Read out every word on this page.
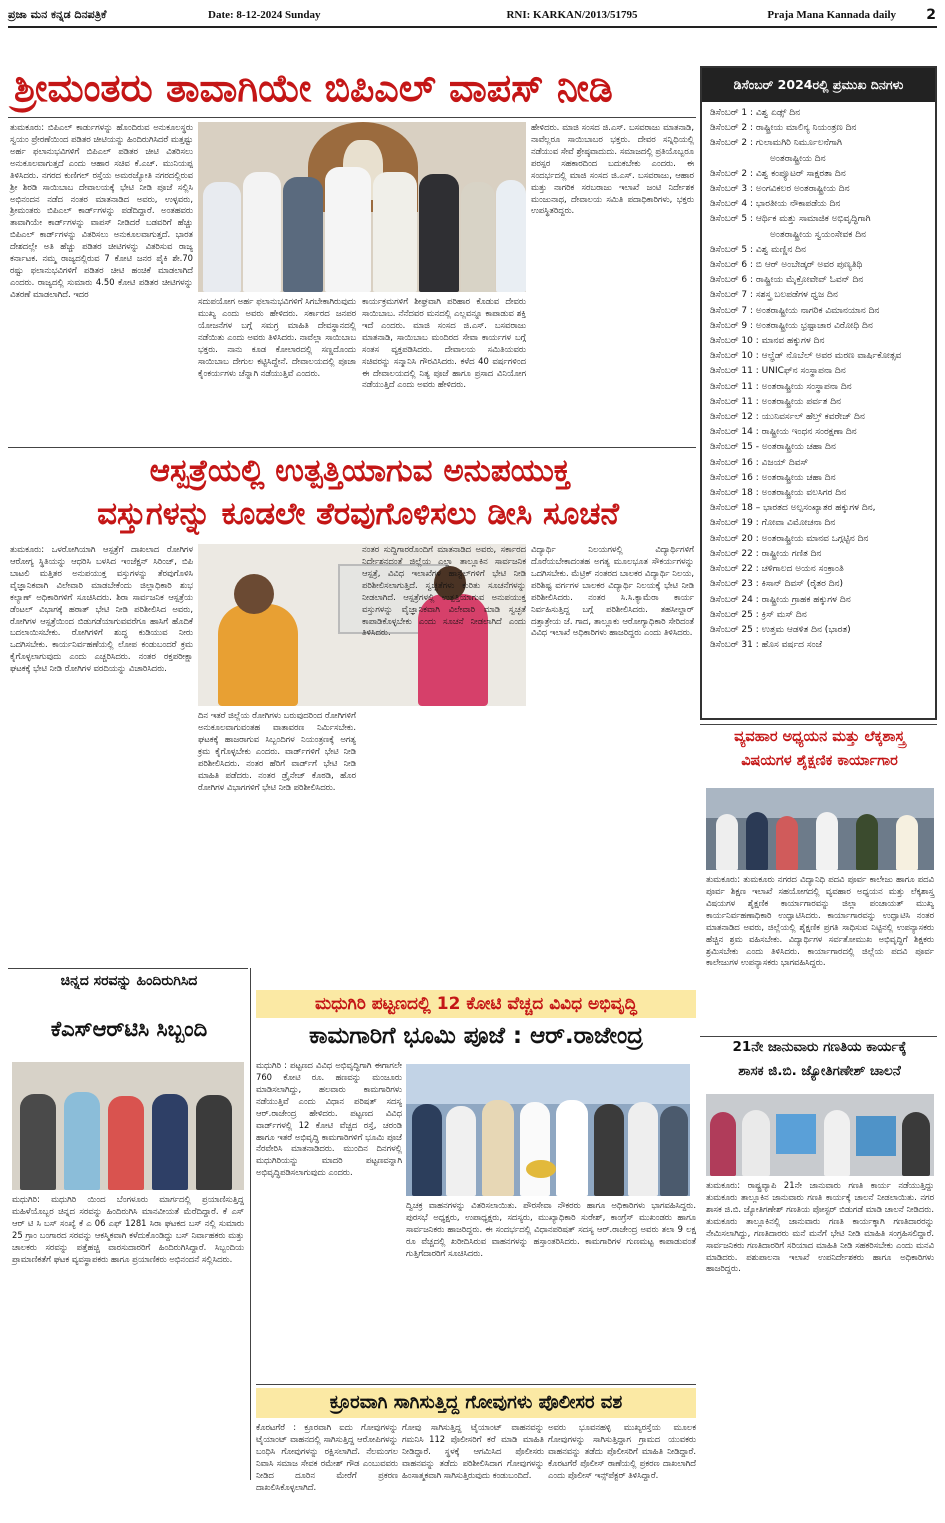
ಪ್ರಜಾ ಮನ ಕನ್ನಡ ದಿನಪತ್ರಿಕೆ	Date: 8-12-2024 Sunday	RNI: KARKAN/2013/51795	Praja Mana Kannada daily	2
ಶ್ರೀಮಂತರು ತಾವಾಗಿಯೇ ಬಿಪಿಎಲ್ ವಾಪಸ್ ನೀಡಿ
ತುಮಕೂರು: ಬಿಪಿಎಲ್ ಕಾರ್ಡುಗಳನ್ನು ಹೊಂದಿರುವ ಅನುಕೂಲಸ್ಥರು ಸ್ವಯಂ ಪ್ರೇರಣೆಯಿಂದ ಪಡಿತರ ಚೀಟಿಯನ್ನು ಹಿಂದಿರುಗಿಸಿದರೆ ಮತ್ತಷ್ಟು ಅರ್ಹ ಫಲಾನುಭವಿಗಳಿಗೆ ಬಿಪಿಎಲ್ ಪಡಿತರ ಚೀಟಿ ವಿತರಿಸಲು ಅನುಕೂಲವಾಗುತ್ತದೆ ಎಂದು ಆಹಾರ ಸಚಿವ ಕೆ.ಎಚ್. ಮುನಿಯಪ್ಪ ತಿಳಿಸಿದರು. ನಗರದ ಕುಣಿಗಲ್ ರಸ್ತೆಯ ಅಮರಜ್ಯೋತಿ ನಗರದಲ್ಲಿರುವ ಶ್ರೀ ಶಿರಡಿ ಸಾಯಿಬಾಬ ದೇವಾಲಯಕ್ಕೆ ಭೇಟಿ ನೀಡಿ ಪೂಜೆ ಸಲ್ಲಿಸಿ ಅಭಿನಂದನ ನಡೆದ ನಂತರ ಮಾತನಾಡಿದ ಅವರು, ಉಳ್ಳವರು, ಶ್ರೀಮಂತರು ಬಿಪಿಎಲ್ ಕಾರ್ಡ್‌ಗಳನ್ನು ಪಡೆದಿದ್ದಾರೆ. ಅಂತಹವರು ತಾವಾಗಿಯೇ ಕಾರ್ಡ್‌ಗಳನ್ನು ವಾಪಸ್ ನೀಡಿದರೆ ಬಡವರಿಗೆ ಹೆಚ್ಚು ಬಿಪಿಎಲ್ ಕಾರ್ಡ್‌ಗಳನ್ನು ವಿತರಿಸಲು ಅನುಕೂಲವಾಗುತ್ತದೆ. ಭಾರತ ದೇಶದಲ್ಲೇ ಅತಿ ಹೆಚ್ಚು ಪಡಿತರ ಚೀಟಿಗಳನ್ನು ವಿತರಿಸುವ ರಾಜ್ಯ ಕರ್ನಾಟಕ. ನಮ್ಮ ರಾಜ್ಯದಲ್ಲಿರುವ 7 ಕೋಟಿ ಜನರ ಪೈಕಿ ಶೇ.70 ರಷ್ಟು ಫಲಾನುಭವಿಗಳಿಗೆ ಪಡಿತರ ಚೀಟಿ ಹಂಚಿಕೆ ಮಾಡಲಾಗಿದೆ ಎಂದರು. ರಾಜ್ಯದಲ್ಲಿ ಸುಮಾರು 4.50 ಕೋಟಿ ಪಡಿತರ ಚೀಟಿಗಳನ್ನು ವಿತರಣೆ ಮಾಡಲಾಗಿದೆ. ಇದರ
ಸದುಪಯೋಗ ಅರ್ಹ ಫಲಾನುಭವಿಗಳಿಗೆ ಸಿಗಬೇಕಾಗಿರುವುದು ಮುಖ್ಯ ಎಂದು ಅವರು ಹೇಳಿದರು. ಸರ್ಕಾರದ ಜನಪರ ಯೋಜನೆಗಳ ಬಗ್ಗೆ ಸಮಗ್ರ ಮಾಹಿತಿ ದೇವಸ್ಥಾನದಲ್ಲಿ ನಡೆಯಿತು ಎಂದು ಅವರು ತಿಳಿಸಿದರು. ನಾವೆಲ್ಲಾ ಸಾಯಿಬಾಬ ಭಕ್ತರು. ನಾನು ಕೂಡ ಕೋಲಾರದಲ್ಲಿ ಸಣ್ಣದೊಂದು ಸಾಯಿಬಾಬ ದೇಗುಲ ಕಟ್ಟಿಸಿದ್ದೇನೆ. ದೇವಾಲಯದಲ್ಲಿ ಪೂಜಾ ಕೈಂಕರ್ಯಗಳು ಚೆನ್ನಾಗಿ ನಡೆಯುತ್ತಿವೆ ಎಂದರು.
ಕಾರ್ಯಕ್ರಮಗಳಿಗೆ ಶೀಘ್ರವಾಗಿ ಪರಿಹಾರ ಕೊಡುವ ದೇವರು ಸಾಯಿಬಾಬ. ನೆನೆದವರ ಮನದಲ್ಲಿ ಎಲ್ಲವನ್ನೂ ಕಾಪಾಡುವ ಶಕ್ತಿ ಇದೆ ಎಂದರು. ಮಾಜಿ ಸಂಸದ ಜಿ.ಎಸ್. ಬಸವರಾಜು ಮಾತನಾಡಿ, ಸಾಯಿಬಾಬ ಮಂದಿರದ ಸೇವಾ ಕಾರ್ಯಗಳ ಬಗ್ಗೆ ಸಂತಸ ವ್ಯಕ್ತಪಡಿಸಿದರು. ದೇವಾಲಯ ಸಮಿತಿಯವರು ಸಚಿವರನ್ನು ಸನ್ಮಾನಿಸಿ ಗೌರವಿಸಿದರು. ಕಳೆದ 40 ವರ್ಷಗಳಿಂದ ಈ ದೇವಾಲಯದಲ್ಲಿ ನಿತ್ಯ ಪೂಜೆ ಹಾಗೂ ಪ್ರಸಾದ ವಿನಿಯೋಗ ನಡೆಯುತ್ತಿದೆ ಎಂದು ಅವರು ಹೇಳಿದರು.
ಹೇಳಿದರು. ಮಾಜಿ ಸಂಸದ ಜಿ.ಎಸ್. ಬಸವರಾಜು ಮಾತನಾಡಿ, ನಾವೆಲ್ಲರೂ ಸಾಯಿಬಾಬರ ಭಕ್ತರು. ದೇವರ ಸನ್ನಿಧಿಯಲ್ಲಿ ನಡೆಯುವ ಸೇವೆ ಶ್ರೇಷ್ಠವಾದುದು. ಸಮಾಜದಲ್ಲಿ ಪ್ರತಿಯೊಬ್ಬರೂ ಪರಸ್ಪರ ಸಹಕಾರದಿಂದ ಬದುಕಬೇಕು ಎಂದರು. ಈ ಸಂದರ್ಭದಲ್ಲಿ ಮಾಜಿ ಸಂಸದ ಜಿ.ಎಸ್. ಬಸವರಾಜು, ಆಹಾರ ಮತ್ತು ನಾಗರಿಕ ಸರಬರಾಜು ಇಲಾಖೆ ಜಂಟಿ ನಿರ್ದೇಶಕ ಮಂಜುನಾಥ, ದೇವಾಲಯ ಸಮಿತಿ ಪದಾಧಿಕಾರಿಗಳು, ಭಕ್ತರು ಉಪಸ್ಥಿತರಿದ್ದರು.
ಡಿಸೆಂಬರ್ 2024ರಲ್ಲಿ ಪ್ರಮುಖ ದಿನಗಳು
ಡಿಸೆಂಬರ್ 1 : ವಿಶ್ವ ಏಡ್ಸ್ ದಿನ
ಡಿಸೆಂಬರ್ 2 : ರಾಷ್ಟ್ರೀಯ ಮಾಲಿನ್ಯ ನಿಯಂತ್ರಣ ದಿನ
ಡಿಸೆಂಬರ್ 2 : ಗುಲಾಮಗಿರಿ ನಿರ್ಮೂಲನೆಗಾಗಿ
ಅಂತರಾಷ್ಟ್ರೀಯ ದಿನ
ಡಿಸೆಂಬರ್ 2 : ವಿಶ್ವ ಕಂಪ್ಯೂಟರ್ ಸಾಕ್ಷರತಾ ದಿನ
ಡಿಸೆಂಬರ್ 3 : ಅಂಗವಿಕಲರ ಅಂತರಾಷ್ಟ್ರೀಯ ದಿನ
ಡಿಸೆಂಬರ್ 4 : ಭಾರತೀಯ ನೌಕಾಪಡೆಯ ದಿನ
ಡಿಸೆಂಬರ್ 5 : ಆರ್ಥಿಕ ಮತ್ತು ಸಾಮಾಜಿಕ ಅಭಿವೃದ್ಧಿಗಾಗಿ
ಅಂತರಾಷ್ಟ್ರೀಯ ಸ್ವಯಂಸೇವಕ ದಿನ
ಡಿಸೆಂಬರ್ 5 : ವಿಶ್ವ ಮಣ್ಣಿನ ದಿನ
ಡಿಸೆಂಬರ್ 6 : ಬಿ ಆರ್ ಅಂಬೇಡ್ಕರ್ ಅವರ ಪುಣ್ಯತಿಥಿ
ಡಿಸೆಂಬರ್ 6 : ರಾಷ್ಟ್ರೀಯ ಮೈಕ್ರೋವೇವ್ ಓವನ್ ದಿನ
ಡಿಸೆಂಬರ್ 7 : ಸಶಸ್ತ್ರ ಬಲಪಡೆಗಳ ಧ್ವಜ ದಿನ
ಡಿಸೆಂಬರ್ 7 : ಅಂತರಾಷ್ಟ್ರೀಯ ನಾಗರಿಕ ವಿಮಾನಯಾನ ದಿನ
ಡಿಸೆಂಬರ್ 9 : ಅಂತರಾಷ್ಟ್ರೀಯ ಭ್ರಷ್ಟಾಚಾರ ವಿರೋಧಿ ದಿನ
ಡಿಸೆಂಬರ್ 10 : ಮಾನವ ಹಕ್ಕುಗಳ ದಿನ
ಡಿಸೆಂಬರ್ 10 : ಆಲ್ಫ್ರೆಡ್ ನೊಬೆಲ್ ಅವರ ಮರಣ ವಾರ್ಷಿಕೋತ್ಸವ
ಡಿಸೆಂಬರ್ 11 : UNICಫ್‌ನ ಸಂಸ್ಥಾಪನಾ ದಿನ
ಡಿಸೆಂಬರ್ 11 : ಅಂತರಾಷ್ಟ್ರೀಯ ಸಂಸ್ಥಾಪನಾ ದಿನ
ಡಿಸೆಂಬರ್ 11 : ಅಂತರಾಷ್ಟ್ರೀಯ ಪರ್ವತ ದಿನ
ಡಿಸೆಂಬರ್ 12 : ಯುನಿವರ್ಸಲ್ ಹೆಲ್ತ್ ಕವರೇಜ್ ದಿನ
ಡಿಸೆಂಬರ್ 14 : ರಾಷ್ಟ್ರೀಯ ಇಂಧನ ಸಂರಕ್ಷಣಾ ದಿನ
ಡಿಸೆಂಬರ್ 15 - ಅಂತರಾಷ್ಟ್ರೀಯ ಚಹಾ ದಿನ
ಡಿಸೆಂಬರ್ 16 : ವಿಜಯ್ ದಿವಸ್
ಡಿಸೆಂಬರ್ 16 : ಅಂತರಾಷ್ಟ್ರೀಯ ಚಹಾ ದಿನ
ಡಿಸೆಂಬರ್ 18 : ಅಂತರಾಷ್ಟ್ರೀಯ ವಲಸಿಗರ ದಿನ
ಡಿಸೆಂಬರ್ 18 – ಭಾರತದ ಅಲ್ಪಸಂಖ್ಯಾತರ ಹಕ್ಕುಗಳ ದಿನ,
ಡಿಸೆಂಬರ್ 19 : ಗೋವಾ ವಿಮೋಚನಾ ದಿನ
ಡಿಸೆಂಬರ್ 20 : ಅಂತರಾಷ್ಟ್ರೀಯ ಮಾನವ ಒಗ್ಗಟ್ಟಿನ ದಿನ
ಡಿಸೆಂಬರ್ 22 : ರಾಷ್ಟ್ರೀಯ ಗಣಿತ ದಿನ
ಡಿಸೆಂಬರ್ 22 : ಚಳಿಗಾಲದ ಅಯನ ಸಂಕ್ರಾಂತಿ
ಡಿಸೆಂಬರ್ 23 : ಕಿಸಾನ್ ದಿವಸ್ (ರೈತರ ದಿನ)
ಡಿಸೆಂಬರ್ 24 : ರಾಷ್ಟ್ರೀಯ ಗ್ರಾಹಕ ಹಕ್ಕುಗಳ ದಿನ
ಡಿಸೆಂಬರ್ 25 : ಕ್ರಿಸ್ ಮಸ್ ದಿನ
ಡಿಸೆಂಬರ್ 25 : ಉತ್ತಮ ಆಡಳಿತ ದಿನ (ಭಾರತ)
ಡಿಸೆಂಬರ್ 31 : ಹೊಸ ವರ್ಷದ ಸಂಜೆ
ಆಸ್ಪತ್ರೆಯಲ್ಲಿ ಉತ್ಪತ್ತಿಯಾಗುವ ಅನುಪಯುಕ್ತ
ವಸ್ತುಗಳನ್ನು ಕೂಡಲೇ ತೆರವುಗೊಳಿಸಲು ಡೀಸಿ ಸೂಚನೆ
ತುಮಕೂರು: ಒಳರೋಗಿಯಾಗಿ ಆಸ್ಪತ್ರೆಗೆ ದಾಖಲಾದ ರೋಗಿಗಳ ಆರೋಗ್ಯ ಸ್ಥಿತಿಯನ್ನು ಆಧರಿಸಿ ಬಳಸಿದ ಇಂಜೆಕ್ಷನ್ ಸಿರಿಂಜ್, ಬಿಪಿ ಬಾಟಲಿ ಮತ್ತಿತರ ಅನುಪಯುಕ್ತ ವಸ್ತುಗಳನ್ನು ತೆರವುಗೊಳಿಸಿ ವೈಜ್ಞಾನಿಕವಾಗಿ ವಿಲೇವಾರಿ ಮಾಡಬೇಕೆಂದು ಜಿಲ್ಲಾಧಿಕಾರಿ ಶುಭ ಕಲ್ಯಾಣ್ ಅಧಿಕಾರಿಗಳಿಗೆ ಸೂಚಿಸಿದರು. ಶಿರಾ ಸಾರ್ವಜನಿಕ ಆಸ್ಪತ್ರೆಯ ಡೆಂಟಲ್ ವಿಭಾಗಕ್ಕೆ ಹಠಾತ್ ಭೇಟಿ ನೀಡಿ ಪರಿಶೀಲಿಸಿದ ಅವರು, ರೋಗಿಗಳ ಆಸ್ಪತ್ರೆಯಿಂದ ಬಿಡುಗಡೆಯಾಗುವವರೆಗೂ ಹಾಸಿಗೆ ಹೊದಿಕೆ ಬದಲಾಯಿಸಬೇಕು. ರೋಗಿಗಳಿಗೆ ಶುದ್ಧ ಕುಡಿಯುವ ನೀರು ಒದಗಿಸಬೇಕು. ಕಾರ್ಯನಿರ್ವಹಣೆಯಲ್ಲಿ ಲೋಪ ಕಂಡುಬಂದರೆ ಕ್ರಮ ಕೈಗೊಳ್ಳಲಾಗುವುದು ಎಂದು ಎಚ್ಚರಿಸಿದರು. ನಂತರ ರಕ್ತಪರೀಕ್ಷಾ ಘಟಕಕ್ಕೆ ಭೇಟಿ ನೀಡಿ ರೋಗಿಗಳ ವರದಿಯನ್ನು ವಿಚಾರಿಸಿದರು.
ದಿನ ಇತರೆ ಜಿಲ್ಲೆಯ ರೋಗಿಗಳು ಬರುವುದರಿಂದ ರೋಗಿಗಳಿಗೆ ಅನುಕೂಲವಾಗುವಂತಹ ವಾತಾವರಣ ನಿರ್ಮಿಸಬೇಕು. ಘಟಕಕ್ಕೆ ಹಾಜರಾಗುವ ಸಿಬ್ಬಂದಿಗಳ ನಿಯಂತ್ರಣಕ್ಕೆ ಅಗತ್ಯ ಕ್ರಮ ಕೈಗೊಳ್ಳಬೇಕು ಎಂದರು. ವಾರ್ಡ್‌ಗಳಿಗೆ ಭೇಟಿ ನೀಡಿ ಪರಿಶೀಲಿಸಿದರು. ನಂತರ ಹೆರಿಗೆ ವಾರ್ಡ್‌ಗೆ ಭೇಟಿ ನೀಡಿ ಮಾಹಿತಿ ಪಡೆದರು. ನಂತರ ಡ್ರೈನೇಜ್ ಕೊಠಡಿ, ಹೊರ ರೋಗಿಗಳ ವಿಭಾಗಗಳಿಗೆ ಭೇಟಿ ನೀಡಿ ಪರಿಶೀಲಿಸಿದರು.
ನಂತರ ಸುದ್ದಿಗಾರರೊಂದಿಗೆ ಮಾತನಾಡಿದ ಅವರು, ಸರ್ಕಾರದ ನಿರ್ದೇಶನದಂತೆ ಜಿಲ್ಲೆಯ ಎಲ್ಲಾ ತಾಲ್ಲೂಕಿನ ಸಾರ್ವಜನಿಕ ಆಸ್ಪತ್ರೆ, ವಿವಿಧ ಇಲಾಖೆಗಳ ಹಾಸ್ಟೆಲ್‌ಗಳಿಗೆ ಭೇಟಿ ನೀಡಿ ಪರಿಶೀಲಿಸಲಾಗುತ್ತಿದೆ. ಸ್ವಚ್ಛತೆಗಳು ಕುರಿತು ಸೂಚನೆಗಳನ್ನು ನೀಡಲಾಗಿದೆ. ಆಸ್ಪತ್ರೆಗಳಲ್ಲಿ ಉತ್ಪತ್ತಿಯಾಗುವ ಅನುಪಯುಕ್ತ ವಸ್ತುಗಳನ್ನು ವೈಜ್ಞಾನಿಕವಾಗಿ ವಿಲೇವಾರಿ ಮಾಡಿ ಸ್ವಚ್ಛತೆ ಕಾಪಾಡಿಕೊಳ್ಳಬೇಕು ಎಂದು ಸೂಚನೆ ನೀಡಲಾಗಿದೆ ಎಂದು ತಿಳಿಸಿದರು.
ವಿದ್ಯಾರ್ಥಿ ನಿಲಯಗಳಲ್ಲಿ ವಿದ್ಯಾರ್ಥಿಗಳಿಗೆ ದೊರೆಯಬೇಕಾದಂತಹ ಅಗತ್ಯ ಮೂಲಭೂತ ಸೌಕರ್ಯಗಳನ್ನು ಒದಗಿಸಬೇಕು. ಮೆಟ್ರಿಕ್ ನಂತರದ ಬಾಲಕರ ವಿದ್ಯಾರ್ಥಿ ನಿಲಯ, ಪರಿಶಿಷ್ಟ ವರ್ಗಗಳ ಬಾಲಕರ ವಿದ್ಯಾರ್ಥಿ ನಿಲಯಕ್ಕೆ ಭೇಟಿ ನೀಡಿ ಪರಿಶೀಲಿಸಿದರು. ನಂತರ ಸಿ.ಸಿ.ಕ್ಯಾಮೆರಾ ಕಾರ್ಯ ನಿರ್ವಹಿಸುತ್ತಿದ್ದ ಬಗ್ಗೆ ಪರಿಶೀಲಿಸಿದರು. ತಹಸೀಲ್ದಾರ್ ದತ್ತಾತ್ರೇಯ ಜೆ. ಗಾದ, ತಾಲ್ಲೂಕು ಆರೋಗ್ಯಾಧಿಕಾರಿ ಸೇರಿದಂತೆ ವಿವಿಧ ಇಲಾಖೆ ಅಧಿಕಾರಿಗಳು ಹಾಜರಿದ್ದರು ಎಂದು ತಿಳಿಸಿದರು.
ವ್ಯವಹಾರ ಅಧ್ಯಯನ ಮತ್ತು ಲೆಕ್ಕಶಾಸ್ತ್ರ
ವಿಷಯಗಳ ಶೈಕ್ಷಣಿಕ ಕಾರ್ಯಾಗಾರ
ತುಮಕೂರು: ತುಮಕೂರು ನಗರದ ವಿದ್ಯಾನಿಧಿ ಪದವಿ ಪೂರ್ವ ಕಾಲೇಜು ಹಾಗೂ ಪದವಿ ಪೂರ್ವ ಶಿಕ್ಷಣ ಇಲಾಖೆ ಸಹಯೋಗದಲ್ಲಿ ವ್ಯವಹಾರ ಅಧ್ಯಯನ ಮತ್ತು ಲೆಕ್ಕಶಾಸ್ತ್ರ ವಿಷಯಗಳ ಶೈಕ್ಷಣಿಕ ಕಾರ್ಯಾಗಾರವನ್ನು ಜಿಲ್ಲಾ ಪಂಚಾಯತ್ ಮುಖ್ಯ ಕಾರ್ಯನಿರ್ವಹಣಾಧಿಕಾರಿ ಉದ್ಘಾಟಿಸಿದರು. ಕಾರ್ಯಾಗಾರವನ್ನು ಉದ್ಘಾಟಿಸಿ ನಂತರ ಮಾತನಾಡಿದ ಅವರು, ಜಿಲ್ಲೆಯಲ್ಲಿ ಶೈಕ್ಷಣಿಕ ಪ್ರಗತಿ ಸಾಧಿಸುವ ನಿಟ್ಟಿನಲ್ಲಿ ಉಪನ್ಯಾಸಕರು ಹೆಚ್ಚಿನ ಶ್ರಮ ವಹಿಸಬೇಕು. ವಿದ್ಯಾರ್ಥಿಗಳ ಸರ್ವತೋಮುಖ ಅಭಿವೃದ್ಧಿಗೆ ಶಿಕ್ಷಕರು ಶ್ರಮಿಸಬೇಕು ಎಂದು ತಿಳಿಸಿದರು. ಕಾರ್ಯಾಗಾರದಲ್ಲಿ ಜಿಲ್ಲೆಯ ಪದವಿ ಪೂರ್ವ ಕಾಲೇಜುಗಳ ಉಪನ್ಯಾಸಕರು ಭಾಗವಹಿಸಿದ್ದರು.
21ನೇ ಜಾನುವಾರು ಗಣತಿಯ ಕಾರ್ಯಕ್ಕೆ
ಶಾಸಕ ಜಿ.ಬಿ. ಜ್ಯೋತಿಗಣೇಶ್ ಚಾಲನೆ
ತುಮಕೂರು: ರಾಷ್ಟ್ರವ್ಯಾಪಿ 21ನೇ ಜಾನುವಾರು ಗಣತಿ ಕಾರ್ಯ ನಡೆಯುತ್ತಿದ್ದು ತುಮಕೂರು ತಾಲ್ಲೂಕಿನ ಜಾನುವಾರು ಗಣತಿ ಕಾರ್ಯಕ್ಕೆ ಚಾಲನೆ ನೀಡಲಾಯಿತು. ನಗರ ಶಾಸಕ ಜಿ.ಬಿ. ಜ್ಯೋತಿಗಣೇಶ್ ಗಣತಿಯ ಪೋಸ್ಟರ್ ಬಿಡುಗಡೆ ಮಾಡಿ ಚಾಲನೆ ನೀಡಿದರು. ತುಮಕೂರು ತಾಲ್ಲೂಕಿನಲ್ಲಿ ಜಾನುವಾರು ಗಣತಿ ಕಾರ್ಯಕ್ಕಾಗಿ ಗಣತಿದಾರರನ್ನು ನೇಮಿಸಲಾಗಿದ್ದು, ಗಣತಿದಾರರು ಮನೆ ಮನೆಗೆ ಭೇಟಿ ನೀಡಿ ಮಾಹಿತಿ ಸಂಗ್ರಹಿಸಲಿದ್ದಾರೆ. ಸಾರ್ವಜನಿಕರು ಗಣತಿದಾರರಿಗೆ ಸರಿಯಾದ ಮಾಹಿತಿ ನೀಡಿ ಸಹಕರಿಸಬೇಕು ಎಂದು ಮನವಿ ಮಾಡಿದರು. ಪಶುಪಾಲನಾ ಇಲಾಖೆ ಉಪನಿರ್ದೇಶಕರು ಹಾಗೂ ಅಧಿಕಾರಿಗಳು ಹಾಜರಿದ್ದರು.
ಚಿನ್ನದ ಸರವನ್ನು ಹಿಂದಿರುಗಿಸಿದ
ಕೆಎಸ್‌ಆರ್‌ಟಿಸಿ ಸಿಬ್ಬಂದಿ
ಮಧುಗಿರಿ: ಮಧುಗಿರಿ ಯಿಂದ ಬೆಂಗಳೂರು ಮಾರ್ಗದಲ್ಲಿ ಪ್ರಯಾಣಿಸುತ್ತಿದ್ದ ಮಹಿಳೆಯೊಬ್ಬರ ಚಿನ್ನದ ಸರವನ್ನು ಹಿಂದಿರುಗಿಸಿ ಮಾನವೀಯತೆ ಮೆರೆದಿದ್ದಾರೆ. ಕೆ ಎಸ್ ಆರ್ ಟಿ ಸಿ ಬಸ್ ಸಂಖ್ಯೆ ಕೆ ಎ 06 ಎಫ್ 1281 ಸಿರಾ ಘಟಕದ ಬಸ್ ನಲ್ಲಿ ಸುಮಾರು 25 ಗ್ರಾಂ ಬಂಗಾರದ ಸರವನ್ನು ಆಕಸ್ಮಿಕವಾಗಿ ಕಳೆದುಕೊಂಡಿದ್ದು ಬಸ್ ನಿರ್ವಾಹಕರು ಮತ್ತು ಚಾಲಕರು ಸರವನ್ನು ಪತ್ತೆಹಚ್ಚಿ ವಾರಸುದಾರರಿಗೆ ಹಿಂದಿರುಗಿಸಿದ್ದಾರೆ. ಸಿಬ್ಬಂದಿಯ ಪ್ರಾಮಾಣಿಕತೆಗೆ ಘಟಕ ವ್ಯವಸ್ಥಾಪಕರು ಹಾಗೂ ಪ್ರಯಾಣಿಕರು ಅಭಿನಂದನೆ ಸಲ್ಲಿಸಿದರು.
ಮಧುಗಿರಿ ಪಟ್ಟಣದಲ್ಲಿ 12 ಕೋಟಿ ವೆಚ್ಚದ ವಿವಿಧ ಅಭಿವೃದ್ಧಿ
ಕಾಮಗಾರಿಗೆ ಭೂಮಿ ಪೂಜೆ : ಆರ್.ರಾಜೇಂದ್ರ
ಮಧುಗಿರಿ : ಪಟ್ಟಣದ ವಿವಿಧ ಅಭಿವೃದ್ಧಿಗಾಗಿ ಈಗಾಗಲೇ 760 ಕೋಟಿ ರೂ. ಹಣವನ್ನು ಮಂಜೂರು ಮಾಡಿಸಲಾಗಿದ್ದು, ಹಲವಾರು ಕಾಮಗಾರಿಗಳು ನಡೆಯುತ್ತಿವೆ ಎಂದು ವಿಧಾನ ಪರಿಷತ್ ಸದಸ್ಯ ಆರ್.ರಾಜೇಂದ್ರ ಹೇಳಿದರು. ಪಟ್ಟಣದ ವಿವಿಧ ವಾರ್ಡ್‌ಗಳಲ್ಲಿ 12 ಕೋಟಿ ವೆಚ್ಚದ ರಸ್ತೆ, ಚರಂಡಿ ಹಾಗೂ ಇತರೆ ಅಭಿವೃದ್ಧಿ ಕಾಮಗಾರಿಗಳಿಗೆ ಭೂಮಿ ಪೂಜೆ ನೆರವೇರಿಸಿ ಮಾತನಾಡಿದರು. ಮುಂದಿನ ದಿನಗಳಲ್ಲಿ ಮಧುಗಿರಿಯನ್ನು ಮಾದರಿ ಪಟ್ಟಣವನ್ನಾಗಿ ಅಭಿವೃದ್ಧಿಪಡಿಸಲಾಗುವುದು ಎಂದರು.
ದ್ವಿಚಕ್ರ ವಾಹನಗಳನ್ನು ವಿತರಿಸಲಾಯಿತು. ಪೌರಸೇವಾ ನೌಕರರು ಹಾಗೂ ಅಧಿಕಾರಿಗಳು ಭಾಗವಹಿಸಿದ್ದರು. ಪುರಸಭೆ ಅಧ್ಯಕ್ಷರು, ಉಪಾಧ್ಯಕ್ಷರು, ಸದಸ್ಯರು, ಮುಖ್ಯಾಧಿಕಾರಿ ಸುರೇಶ್, ಕಾಂಗ್ರೆಸ್ ಮುಖಂಡರು ಹಾಗೂ ಸಾರ್ವಜನಿಕರು ಹಾಜರಿದ್ದರು. ಈ ಸಂದರ್ಭದಲ್ಲಿ ವಿಧಾನಪರಿಷತ್ ಸದಸ್ಯ ಆರ್.ರಾಜೇಂದ್ರ ಅವರು ತಲಾ 9 ಲಕ್ಷ ರೂ ವೆಚ್ಚದಲ್ಲಿ ಖರೀದಿಸಿರುವ ವಾಹನಗಳನ್ನು ಹಸ್ತಾಂತರಿಸಿದರು. ಕಾಮಗಾರಿಗಳ ಗುಣಮಟ್ಟ ಕಾಪಾಡುವಂತೆ ಗುತ್ತಿಗೆದಾರರಿಗೆ ಸೂಚಿಸಿದರು.
ಕ್ರೂರವಾಗಿ ಸಾಗಿಸುತ್ತಿದ್ದ ಗೋವುಗಳು ಪೊಲೀಸರ ವಶ
ಕೊರಟಗೆರೆ : ಕ್ರೂರವಾಗಿ ಐದು ಗೋವುಗಳನ್ನು ಟೈಯಾಂಟ್ ವಾಹನದಲ್ಲಿ ಸಾಗಿಸುತ್ತಿದ್ದ ಆರೋಪಿಗಳನ್ನು ಬಂಧಿಸಿ ಗೋವುಗಳನ್ನು ರಕ್ಷಿಸಲಾಗಿದೆ. ನೆಲಮಂಗಲ ನಿವಾಸಿ ಸಮಾಜ ಸೇವಕ ರಮೇಶ್ ಗೌಡ ಎಂಬುವವರು ನೀಡಿದ ದೂರಿನ ಮೇರೆಗೆ ಪ್ರಕರಣ ದಾಖಲಿಸಿಕೊಳ್ಳಲಾಗಿದೆ.
ಗೋವು ಸಾಗಿಸುತ್ತಿದ್ದ ಟೈಯಾಂಟ್ ವಾಹನವನ್ನು ಗಮನಿಸಿ 112 ಪೊಲೀಸರಿಗೆ ಕರೆ ಮಾಡಿ ಮಾಹಿತಿ ನೀಡಿದ್ದಾರೆ. ಸ್ಥಳಕ್ಕೆ ಆಗಮಿಸಿದ ಪೊಲೀಸರು ವಾಹನವನ್ನು ತಡೆದು ಪರಿಶೀಲಿಸಿದಾಗ ಗೋವುಗಳನ್ನು ಹಿಂಸಾತ್ಮಕವಾಗಿ ಸಾಗಿಸುತ್ತಿರುವುದು ಕಂಡುಬಂದಿದೆ.
ಅವರು ಭೂವನಹಳ್ಳಿ ಮುಖ್ಯರಸ್ತೆಯ ಮೂಲಕ ಗೋವುಗಳನ್ನು ಸಾಗಿಸುತ್ತಿದ್ದಾಗ ಗ್ರಾಮದ ಯುವಕರು ವಾಹನವನ್ನು ತಡೆದು ಪೊಲೀಸರಿಗೆ ಮಾಹಿತಿ ನೀಡಿದ್ದಾರೆ. ಕೊರಟಗೆರೆ ಪೊಲೀಸ್ ಠಾಣೆಯಲ್ಲಿ ಪ್ರಕರಣ ದಾಖಲಾಗಿದೆ ಎಂದು ಪೊಲೀಸ್ ಇನ್ಸ್‌ಪೆಕ್ಟರ್ ತಿಳಿಸಿದ್ದಾರೆ.
